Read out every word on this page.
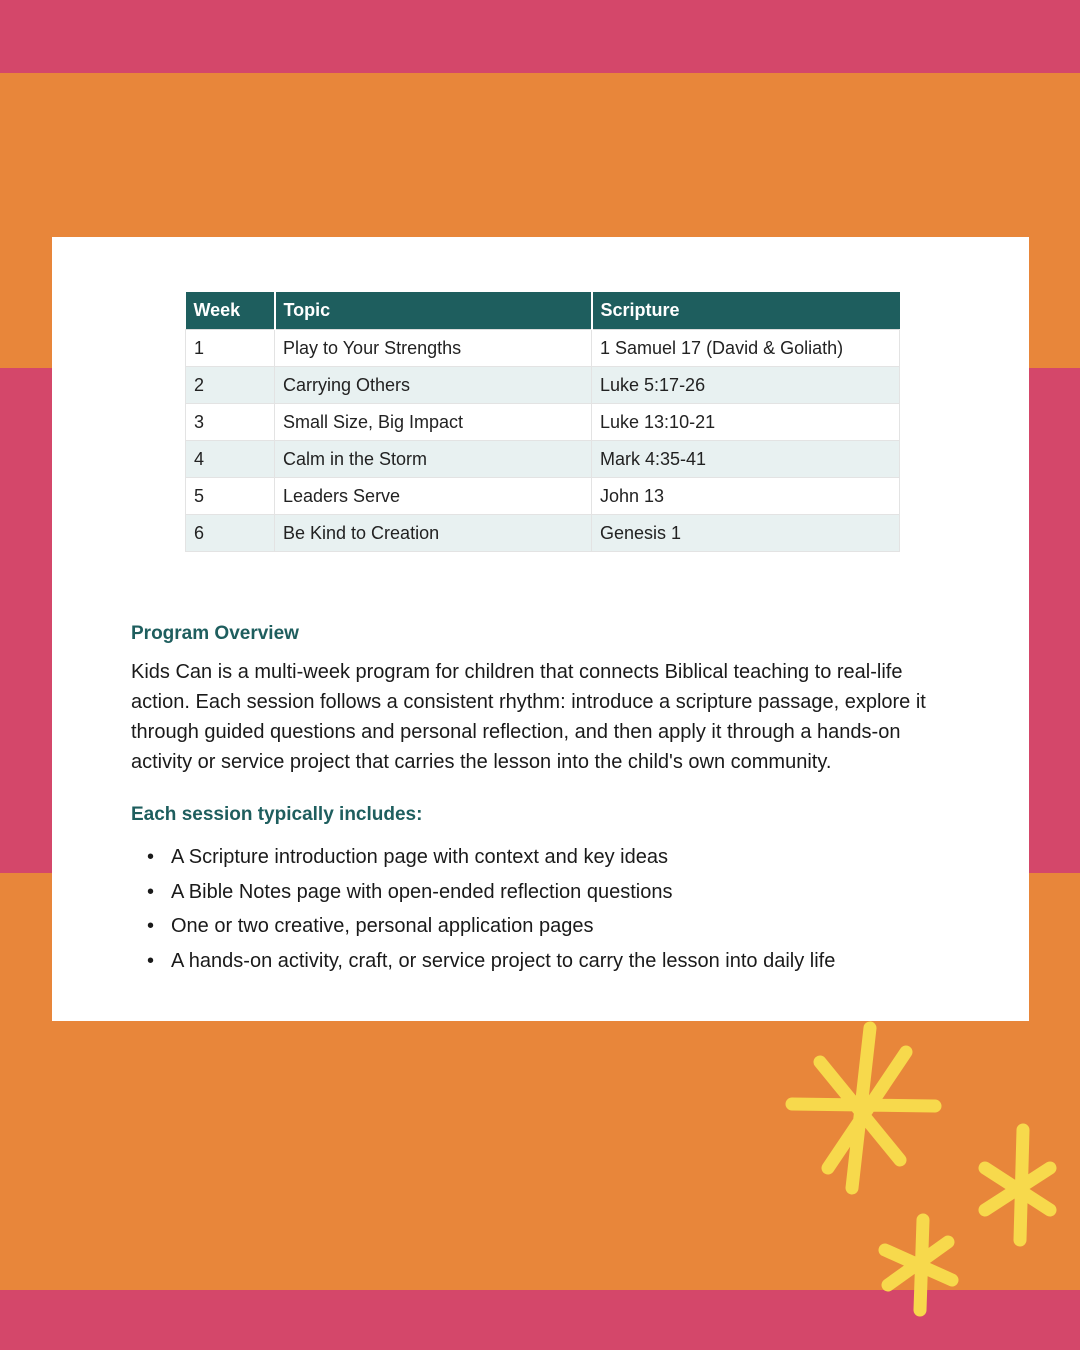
Week	Topic	Scripture
1	Play to Your Strengths	1 Samuel 17 (David & Goliath)
2	Carrying Others	Luke 5:17-26
3	Small Size, Big Impact	Luke 13:10-21
4	Calm in the Storm	Mark 4:35-41
5	Leaders Serve	John 13
6	Be Kind to Creation	Genesis 1
Program Overview
Kids Can is a multi-week program for children that connects Biblical teaching to real-life action. Each session follows a consistent rhythm: introduce a scripture passage, explore it through guided questions and personal reflection, and then apply it through a hands-on activity or service project that carries the lesson into the child's own community.
Each session typically includes:
• A Scripture introduction page with context and key ideas
• A Bible Notes page with open-ended reflection questions
• One or two creative, personal application pages
• A hands-on activity, craft, or service project to carry the lesson into daily life
